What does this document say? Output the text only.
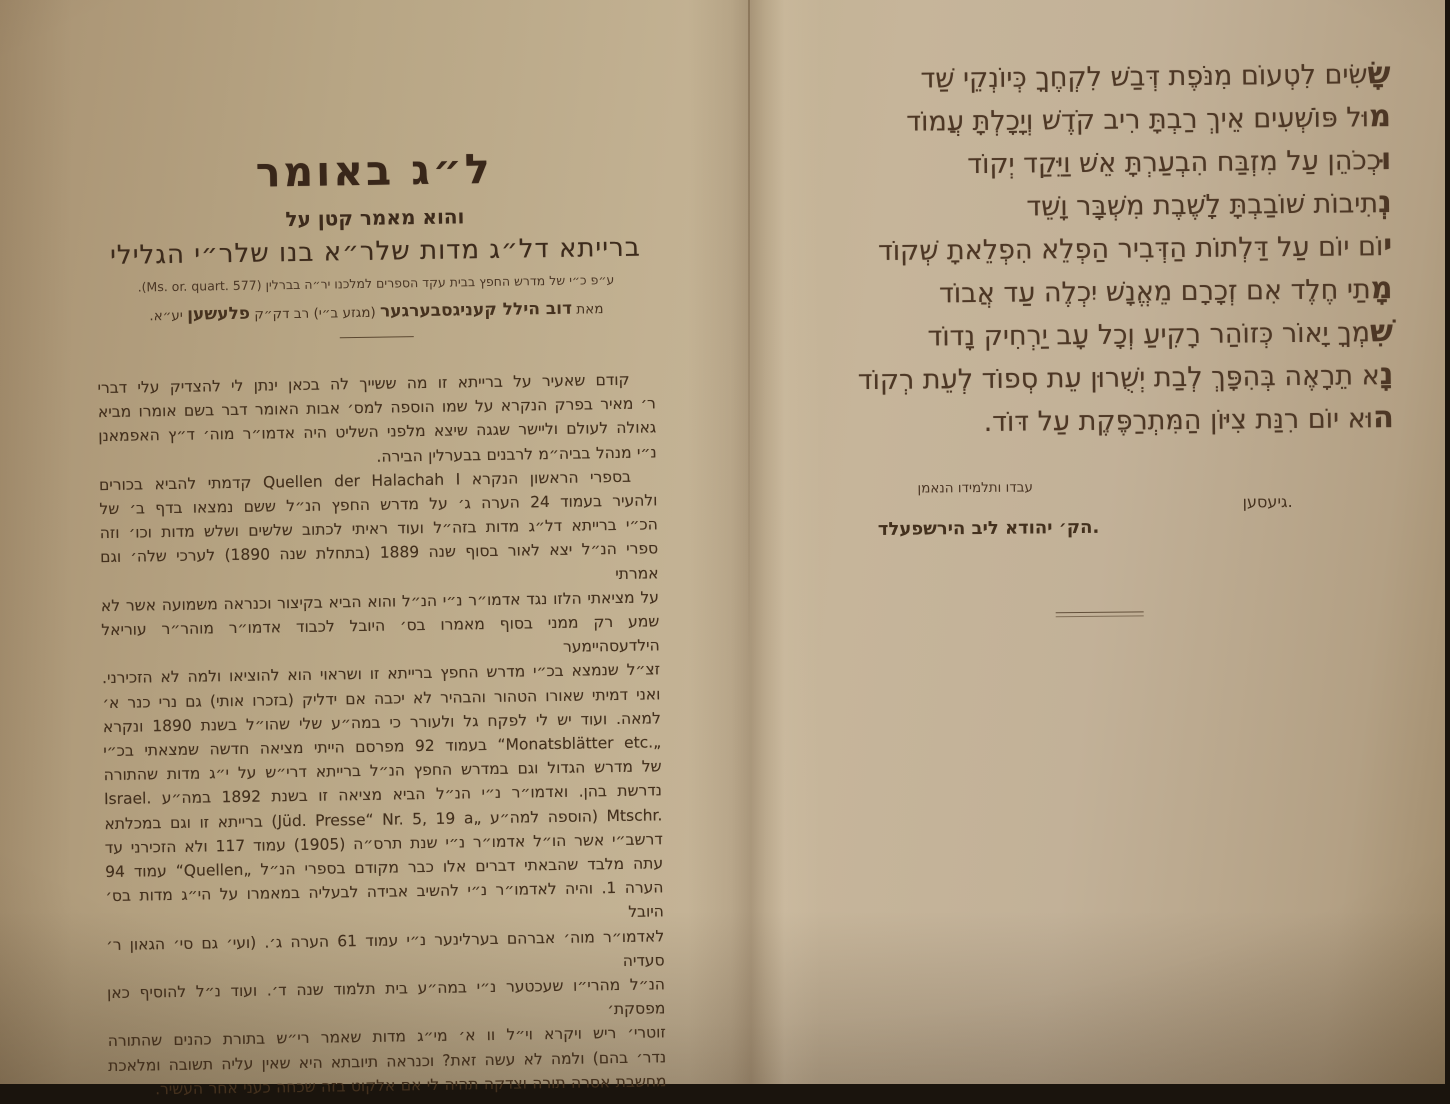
ל״ג באומר
והוא מאמר קטן על
ברייתא דל״ג מדות שלר״א בנו שלר״י הגלילי
ע״פ כ״י של מדרש החפץ בבית עקד הספרים למלכנו יר״ה בברלין (Ms. or. quart. 577).
מאת דוב הילל קעניגסבערגער (מגזע ב״י) רב דק״ק פלעשען יע״א.
קודם שאעיר על ברייתא זו מה ששייך לה בכאן ינתן לי להצדיק עלי דברי
ר׳ מאיר בפרק הנקרא על שמו הוספה למס׳ אבות האומר דבר בשם אומרו מביא
גאולה לעולם וליישר שגגה שיצא מלפני השליט היה אדמו״ר מוה׳ ד״ץ האפמאנן
נ״י מנהל בביה״מ לרבנים בבערלין הבירה.
בספרי הראשון הנקרא Quellen der Halachah I קדמתי להביא בכורים
ולהעיר בעמוד 24 הערה ג׳ על מדרש החפץ הנ״ל ששם נמצאו בדף ב׳ של
הכ״י ברייתא דל״ג מדות בזה״ל ועוד ראיתי לכתוב שלשים ושלש מדות וכו׳ וזה
ספרי הנ״ל יצא לאור בסוף שנה 1889 (בתחלת שנה 1890) לערכי שלה׳ וגם אמרתי
על מציאתי הלזו נגד אדמו״ר נ״י הנ״ל והוא הביא בקיצור וכנראה משמועה אשר לא
שמע רק ממני בסוף מאמרו בס׳ היובל לכבוד אדמו״ר מוהר״ר עוריאל הילדעסהיימער
זצ״ל שנמצא בכ״י מדרש החפץ ברייתא זו ושראוי הוא להוציאו ולמה לא הזכירני.
ואני דמיתי שאורו הטהור והבהיר לא יכבה אם ידליק (בזכרו אותי) גם נרי כנר א׳
למאה. ועוד יש לי לפקח גל ולעורר כי במה״ע שלי שהו״ל בשנת 1890 ונקרא
„Monatsblätter etc.‎“ בעמוד 92 מפרסם הייתי מציאה חדשה שמצאתי בכ״י
של מדרש הגדול וגם במדרש החפץ הנ״ל ברייתא דרי״ש על י״ג מדות שהתורה
נדרשת בהן. ואדמו״ר נ״י הנ״ל הביא מציאה זו בשנת 1892 במה״ע Israel.‎
Mtschr.‎ (הוספה למה״ע „Jüd. Presse“ Nr. 5, 19 a) ברייתא זו וגם במכלתא
דרשב״י אשר הו״ל אדמו״ר נ״י שנת תרס״ה (1905) עמוד 117 ולא הזכירני עד
עתה מלבד שהבאתי דברים אלו כבר מקודם בספרי הנ״ל „Quellen“ עמוד 94
הערה 1. והיה לאדמו״ר נ״י להשיב אבידה לבעליה במאמרו על הי״ג מדות בס׳ היובל
לאדמו״ר מוה׳ אברהם בערלינער נ״י עמוד 61 הערה ג׳. (ועי׳ גם סי׳ הגאון ר׳ סעדיה
הנ״ל מהרי״ו שעכטער נ״י במה״ע בית תלמוד שנה ד׳. ועוד נ״ל להוסיף כאן מפסקת׳
זוטרי׳ ריש ויקרא וי״ל וו א׳ מי״ג מדות שאמר רי״ש בתורת כהנים שהתורה
נדר׳ בהם) ולמה לא עשה זאת? וכנראה תיובתא היא שאין עליה תשובה ומלאכת
מחשבת אסרה תורה וצדקה תהיה לי אם אלקוט בזה שכחה כעני אחר העשיר.
שָׂשִׂים לִטְעוֹם מִנֹּפֶת דְּבַשׁ לִקְחֶךָ כְּיוֹנְקֵי שַׁד
מוּל פּוֹשְׁעִים אֵיךְ רַבְתָּ רִיב קֹדֶשׁ וְיָכָלְתָּ עֲמוֹד
וּכְכֹהֵן עַל מִזְבַּח הִבְעַרְתָּ אֵשׁ וַיֵּקַד יְקוֹד
נְתִיבוֹת שׁוֹבַבְתָּ לָשֶׁבֶת מִשְׁבָּר וָשֵׁד
יוֹם יוֹם עַל דַּלְתוֹת הַדְּבִיר הַפְלֵא הִפְלֵאתָ שְׁקוֹד
מָתַי חֶלֶד אִם זְכָרָם מֵאֱנָשׁ יִכְלֶה עַד אֲבוֹד
שִׁמְךָ יָאוֹר כְּזוֹהַר רָקִיעַ וְכָל עָב יַרְחִיק נָדוֹד
נָא תֵרָאֶה בְּהִפָּךְ לְבַת יְשֻׁרוּן עֵת סְפוֹד לְעֵת רְקוֹד
הוּא יוֹם רִנַּת צִיּוֹן הַמִּתְרַפֶּקֶת עַל דּוֹד.
עבדו ותלמידו הנאמן
גיעסען.
הק׳ יהודא ליב הירשפעלד.
